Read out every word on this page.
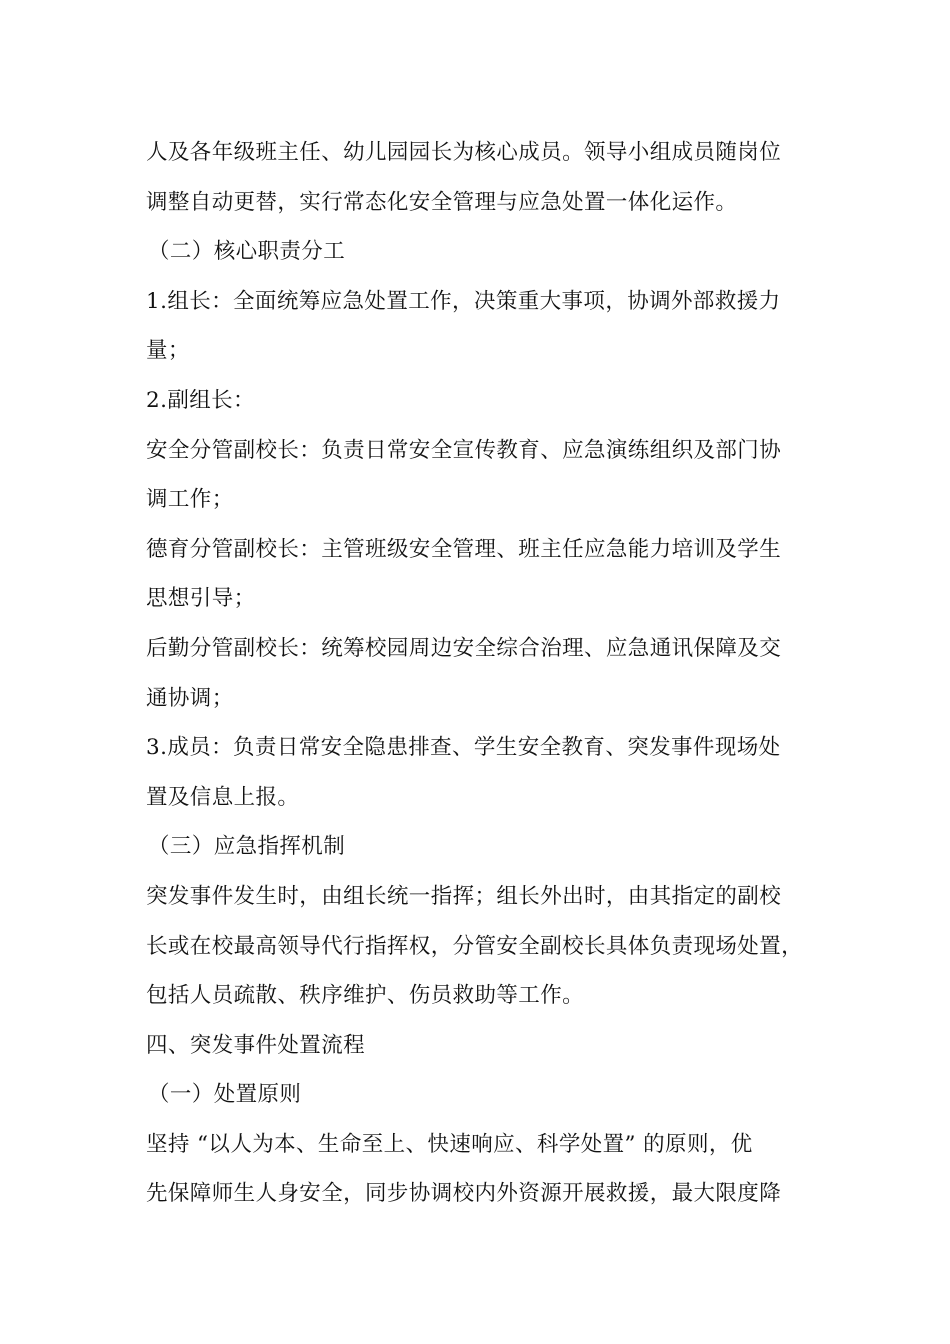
人及各年级班主任、幼儿园园长为核心成员。领导小组成员随岗位
调整自动更替，实行常态化安全管理与应急处置一体化运作。
（二）核心职责分工
1.组长：全面统筹应急处置工作，决策重大事项，协调外部救援力
量；
2.副组长：
安全分管副校长：负责日常安全宣传教育、应急演练组织及部门协
调工作；
德育分管副校长：主管班级安全管理、班主任应急能力培训及学生
思想引导；
后勤分管副校长：统筹校园周边安全综合治理、应急通讯保障及交
通协调；
3.成员：负责日常安全隐患排查、学生安全教育、突发事件现场处
置及信息上报。
（三）应急指挥机制
突发事件发生时，由组长统一指挥；组长外出时，由其指定的副校
长或在校最高领导代行指挥权，分管安全副校长具体负责现场处置，
包括人员疏散、秩序维护、伤员救助等工作。
四、突发事件处置流程
（一）处置原则
坚持 “以人为本、生命至上、快速响应、科学处置” 的原则，优
先保障师生人身安全，同步协调校内外资源开展救援，最大限度降
